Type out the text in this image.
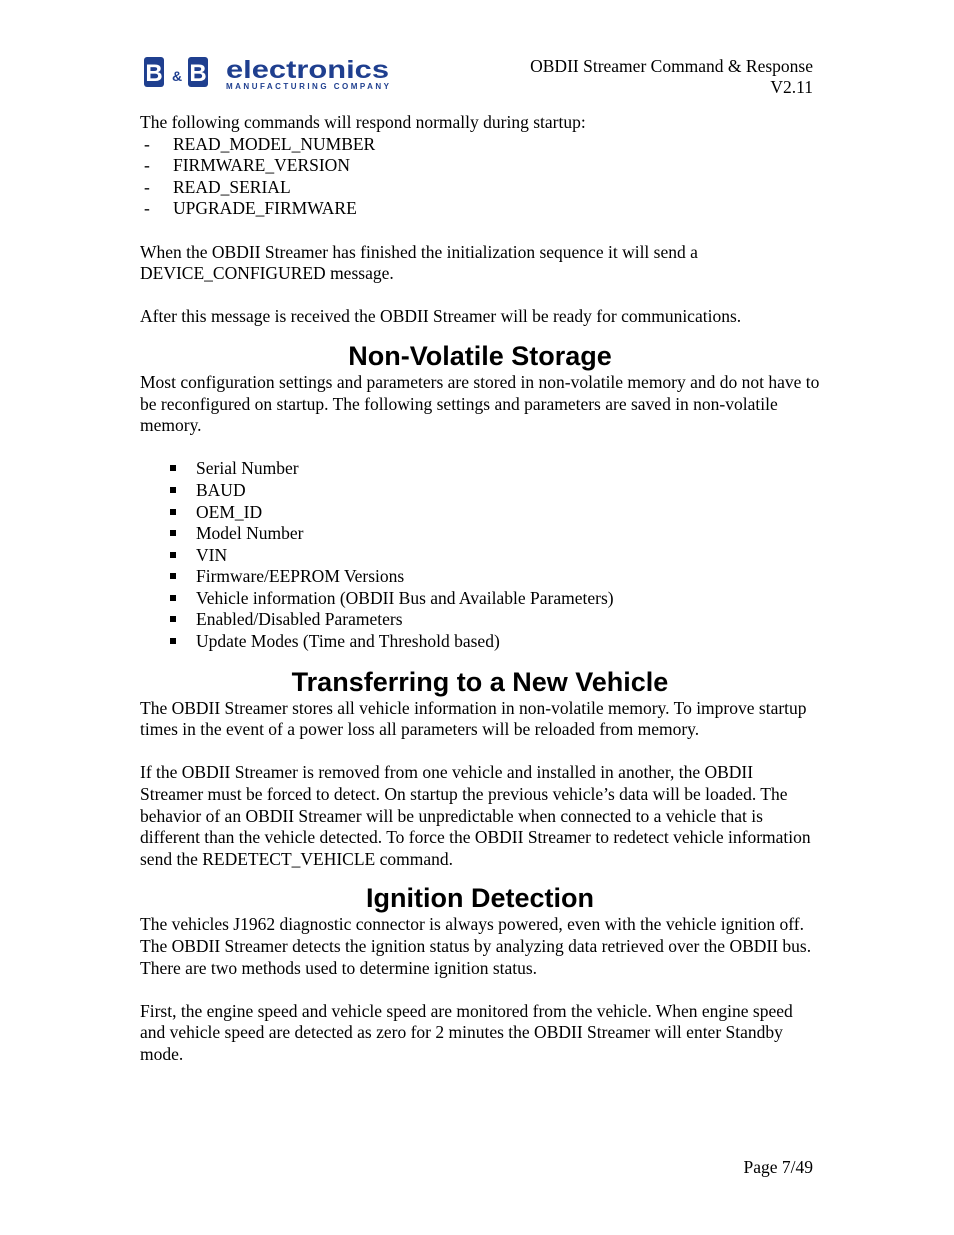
B & B electronics
MANUFACTURING COMPANY
OBDII Streamer Command & Response
V2.11

The following commands will respond normally during startup:

- READ_MODEL_NUMBER
- FIRMWARE_VERSION
- READ_SERIAL
- UPGRADE_FIRMWARE

When the OBDII Streamer has finished the initialization sequence it will send a DEVICE_CONFIGURED message.

After this message is received the OBDII Streamer will be ready for communications.

Non-Volatile Storage

Most configuration settings and parameters are stored in non-volatile memory and do not have to be reconfigured on startup. The following settings and parameters are saved in non-volatile memory.

Serial Number
BAUD
OEM_ID
Model Number
VIN
Firmware/EEPROM Versions
Vehicle information (OBDII Bus and Available Parameters)
Enabled/Disabled Parameters
Update Modes (Time and Threshold based)
Transferring to a New Vehicle

The OBDII Streamer stores all vehicle information in non-volatile memory. To improve startup times in the event of a power loss all parameters will be reloaded from memory.

If the OBDII Streamer is removed from one vehicle and installed in another, the OBDII Streamer must be forced to detect. On startup the previous vehicle’s data will be loaded. The behavior of an OBDII Streamer will be unpredictable when connected to a vehicle that is different than the vehicle detected. To force the OBDII Streamer to redetect vehicle information send the REDETECT_VEHICLE command.

Ignition Detection

The vehicles J1962 diagnostic connector is always powered, even with the vehicle ignition off. The OBDII Streamer detects the ignition status by analyzing data retrieved over the OBDII bus. There are two methods used to determine ignition status.

First, the engine speed and vehicle speed are monitored from the vehicle. When engine speed and vehicle speed are detected as zero for 2 minutes the OBDII Streamer will enter Standby mode.

Page 7/49
